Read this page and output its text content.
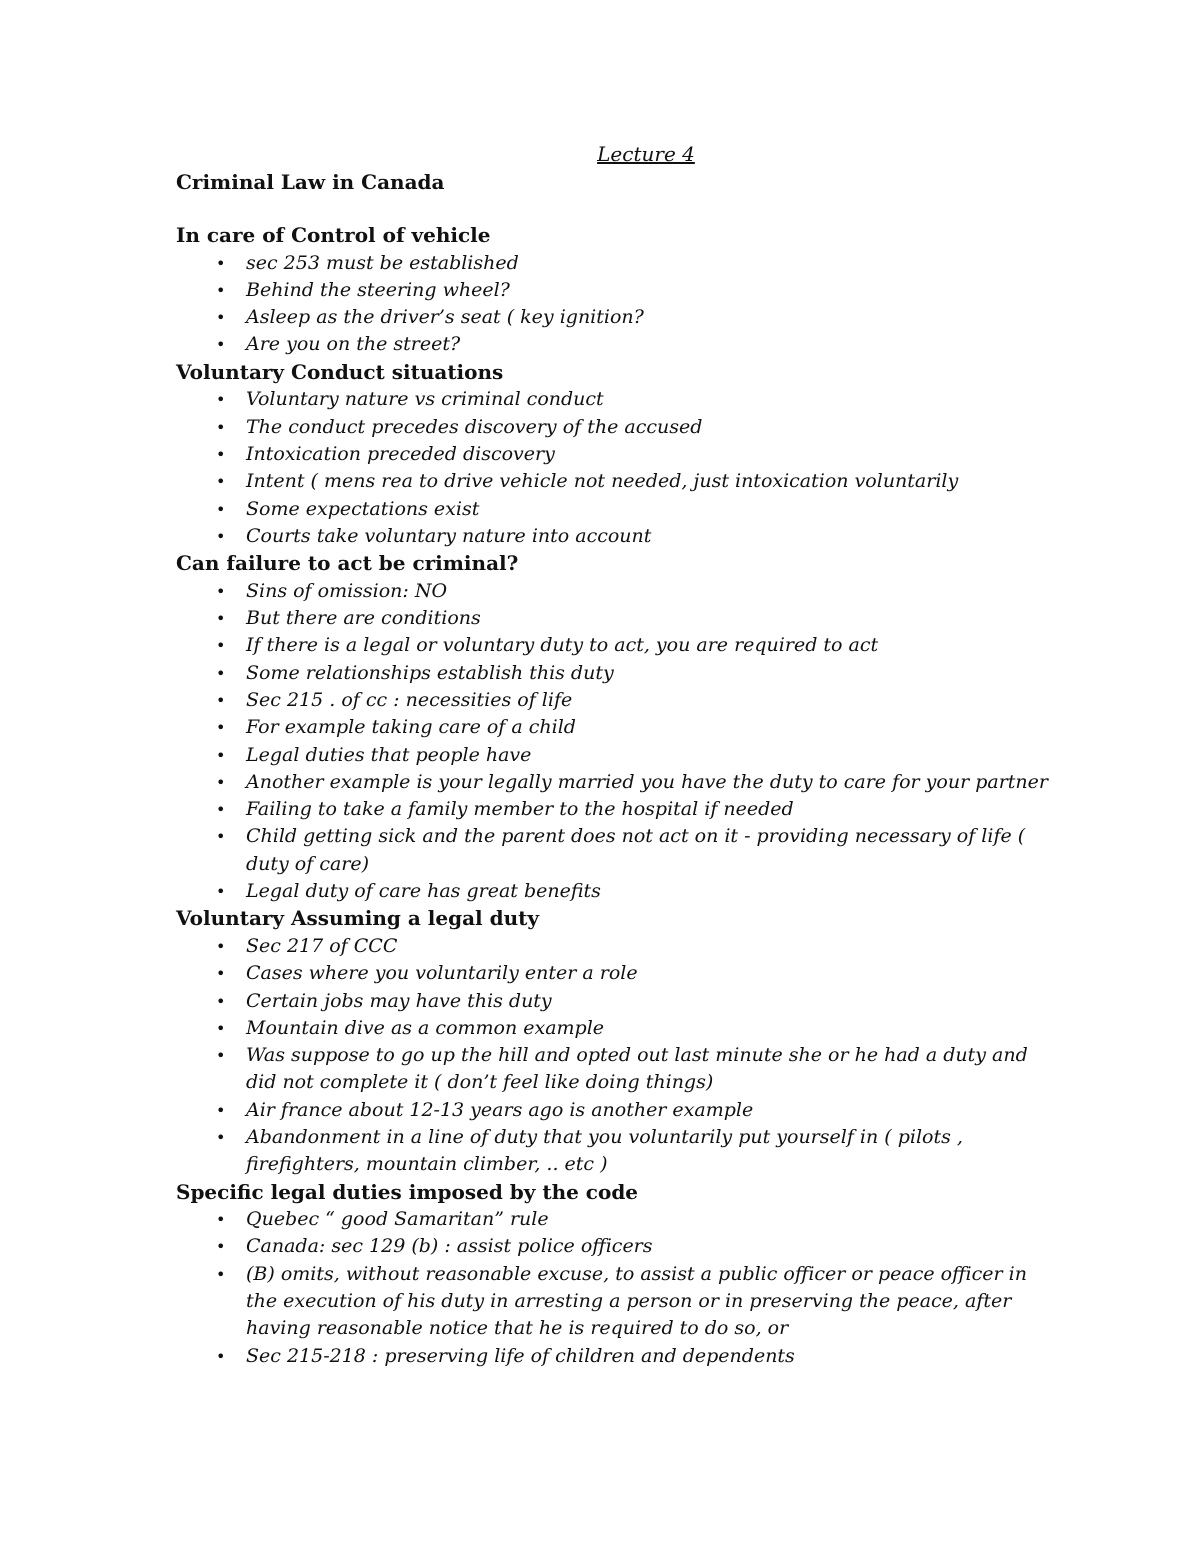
Lecture 4
Criminal Law in Canada
In care of Control of vehicle
• sec 253 must be established
• Behind the steering wheel?
• Asleep as the driver’s seat ( key ignition?
• Are you on the street?
Voluntary Conduct situations
• Voluntary nature vs criminal conduct
• The conduct precedes discovery of the accused
• Intoxication preceded discovery
• Intent ( mens rea to drive vehicle not needed, just intoxication voluntarily
• Some expectations exist
• Courts take voluntary nature into account
Can failure to act be criminal?
• Sins of omission: NO
• But there are conditions
• If there is a legal or voluntary duty to act, you are required to act
• Some relationships establish this duty
• Sec 215 . of cc : necessities of life
• For example taking care of a child
• Legal duties that people have
• Another example is your legally married you have the duty to care for your partner
• Failing to take a family member to the hospital if needed
• Child getting sick and the parent does not act on it - providing necessary of life ( duty of care)
• Legal duty of care has great benefits
Voluntary Assuming a legal duty
• Sec 217 of CCC
• Cases where you voluntarily enter a role
• Certain jobs may have this duty
• Mountain dive as a common example
• Was suppose to go up the hill and opted out last minute she or he had a duty and did not complete it ( don’t feel like doing things)
• Air france about 12-13 years ago is another example
• Abandonment in a line of duty that you voluntarily put yourself in ( pilots , firefighters, mountain climber, .. etc )
Specific legal duties imposed by the code
• Quebec “ good Samaritan” rule
• Canada: sec 129 (b) : assist police officers
• (B) omits, without reasonable excuse, to assist a public officer or peace officer in the execution of his duty in arresting a person or in preserving the peace, after having reasonable notice that he is required to do so, or
• Sec 215-218 : preserving life of children and dependents
